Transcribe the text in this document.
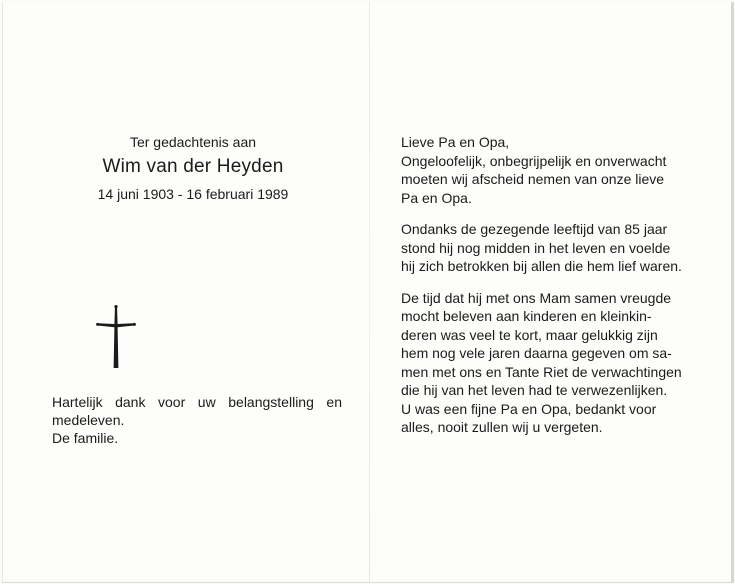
Ter gedachtenis aan
Wim van der Heyden
14 juni 1903 - 16 februari 1989
Hartelijk dank voor uw belangstelling en medeleven.
De familie.

Lieve Pa en Opa,
Ongeloofelijk, onbegrijpelijk en onverwacht
moeten wij afscheid nemen van onze lieve
Pa en Opa.

Ondanks de gezegende leeftijd van 85 jaar
stond hij nog midden in het leven en voelde
hij zich betrokken bij allen die hem lief waren.

De tijd dat hij met ons Mam samen vreugde
mocht beleven aan kinderen en kleinkin-
deren was veel te kort, maar gelukkig zijn
hem nog vele jaren daarna gegeven om sa-
men met ons en Tante Riet de verwachtingen
die hij van het leven had te verwezenlijken.
U was een fijne Pa en Opa, bedankt voor
alles, nooit zullen wij u vergeten.
